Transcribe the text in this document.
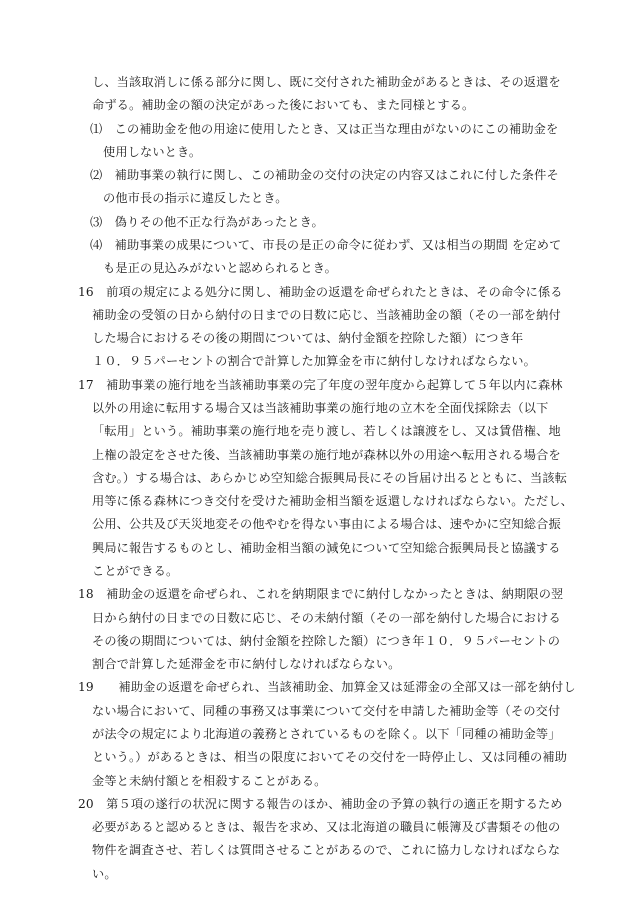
し、当該取消しに係る部分に関し、既に交付された補助金があるときは、その返還を
命ずる。補助金の額の決定があった後においても、また同様とする。
⑴　この補助金を他の用途に使用したとき、又は正当な理由がないのにこの補助金を
使用しないとき。
⑵　補助事業の執行に関し、この補助金の交付の決定の内容又はこれに付した条件そ
の他市長の指示に違反したとき。
⑶　偽りその他不正な行為があったとき。
⑷　補助事業の成果について、市長の是正の命令に従わず、又は相当の期間 を定めて
も是正の見込みがないと認められるとき。
16　前項の規定による処分に関し、補助金の返還を命ぜられたときは、その命令に係る
補助金の受領の日から納付の日までの日数に応じ、当該補助金の額（その一部を納付
した場合におけるその後の期間については、納付金額を控除した額）につき年
１０．９５パーセントの割合で計算した加算金を市に納付しなければならない。
17　補助事業の施行地を当該補助事業の完了年度の翌年度から起算して５年以内に森林
以外の用途に転用する場合又は当該補助事業の施行地の立木を全面伐採除去（以下
「転用」という。補助事業の施行地を売り渡し、若しくは譲渡をし、又は賃借権、地
上権の設定をさせた後、当該補助事業の施行地が森林以外の用途へ転用される場合を
含む。）する場合は、あらかじめ空知総合振興局長にその旨届け出るとともに、当該転
用等に係る森林につき交付を受けた補助金相当額を返還しなければならない。ただし、
公用、公共及び天災地変その他やむを得ない事由による場合は、速やかに空知総合振
興局に報告するものとし、補助金相当額の減免について空知総合振興局長と協議する
ことができる。
18　補助金の返還を命ぜられ、これを納期限までに納付しなかったときは、納期限の翌
日から納付の日までの日数に応じ、その未納付額（その一部を納付した場合における
その後の期間については、納付金額を控除した額）につき年１０．９５パーセントの
割合で計算した延滞金を市に納付しなければならない。
19　　補助金の返還を命ぜられ、当該補助金、加算金又は延滞金の全部又は一部を納付し
ない場合において、同種の事務又は事業について交付を申請した補助金等（その交付
が法令の規定により北海道の義務とされているものを除く。以下「同種の補助金等」
という。）があるときは、相当の限度においてその交付を一時停止し、又は同種の補助
金等と未納付額とを相殺することがある。
20　第５項の遂行の状況に関する報告のほか、補助金の予算の執行の適正を期するため
必要があると認めるときは、報告を求め、又は北海道の職員に帳簿及び書類その他の
物件を調査させ、若しくは質問させることがあるので、これに協力しなければならな
い。
